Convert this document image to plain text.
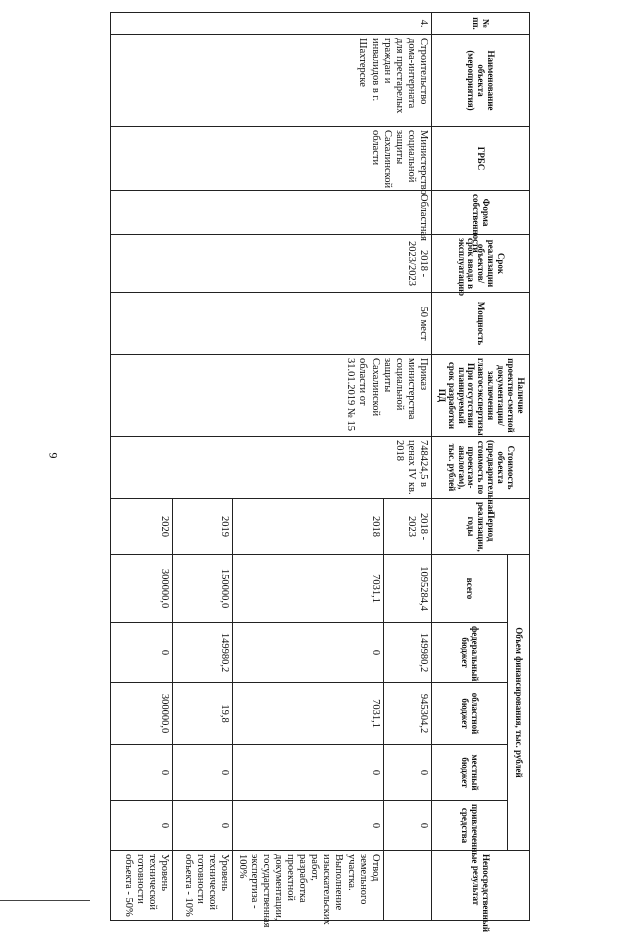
9
№ пп.	Наименование объекта (мероприятия)	ГРБС	Форма собственности	Срок реализации объектов/срок ввода в эксплуатацию	Мощность	Наличие проектно-сметной документации/заключения главгосэкспертизы При отсутствии планируемый срок разработки ПД	Стоимость объекта (предварительная стоимость по проектам-аналогам), тыс. рублей	Период реализации, годы	Объем финансирования, тыс. рублей					Непосредственный результат
									всего	федеральный бюджет	областной бюджет	местный бюджет	привлеченные средства	
4.	Строительство дома-интерната для престарелых граждан и инвалидов в г. Шахтерске	Министерство социальной защиты Сахалинской области	Областная	2018 - 2023/2023	50 мест	Приказ министерства социальной защиты Сахалинской области от 31.01.2019 № 15	748424,5 в ценах IV кв. 2018	2018 - 2023	1095284,4	149980,2	945304,2	0	0	
								2018	7031,1	0	7031,1	0	0	Отвод земельного участка. Выполнение изыскательских работ, разработка проектной документации, государственная экспертиза - 100%
								2019	150000,0	149980,2	19,8	0	0	Уровень технической готовности объекта - 10%
								2020	300000,0	0	300000,0	0	0	Уровень технической готовности объекта - 50%
